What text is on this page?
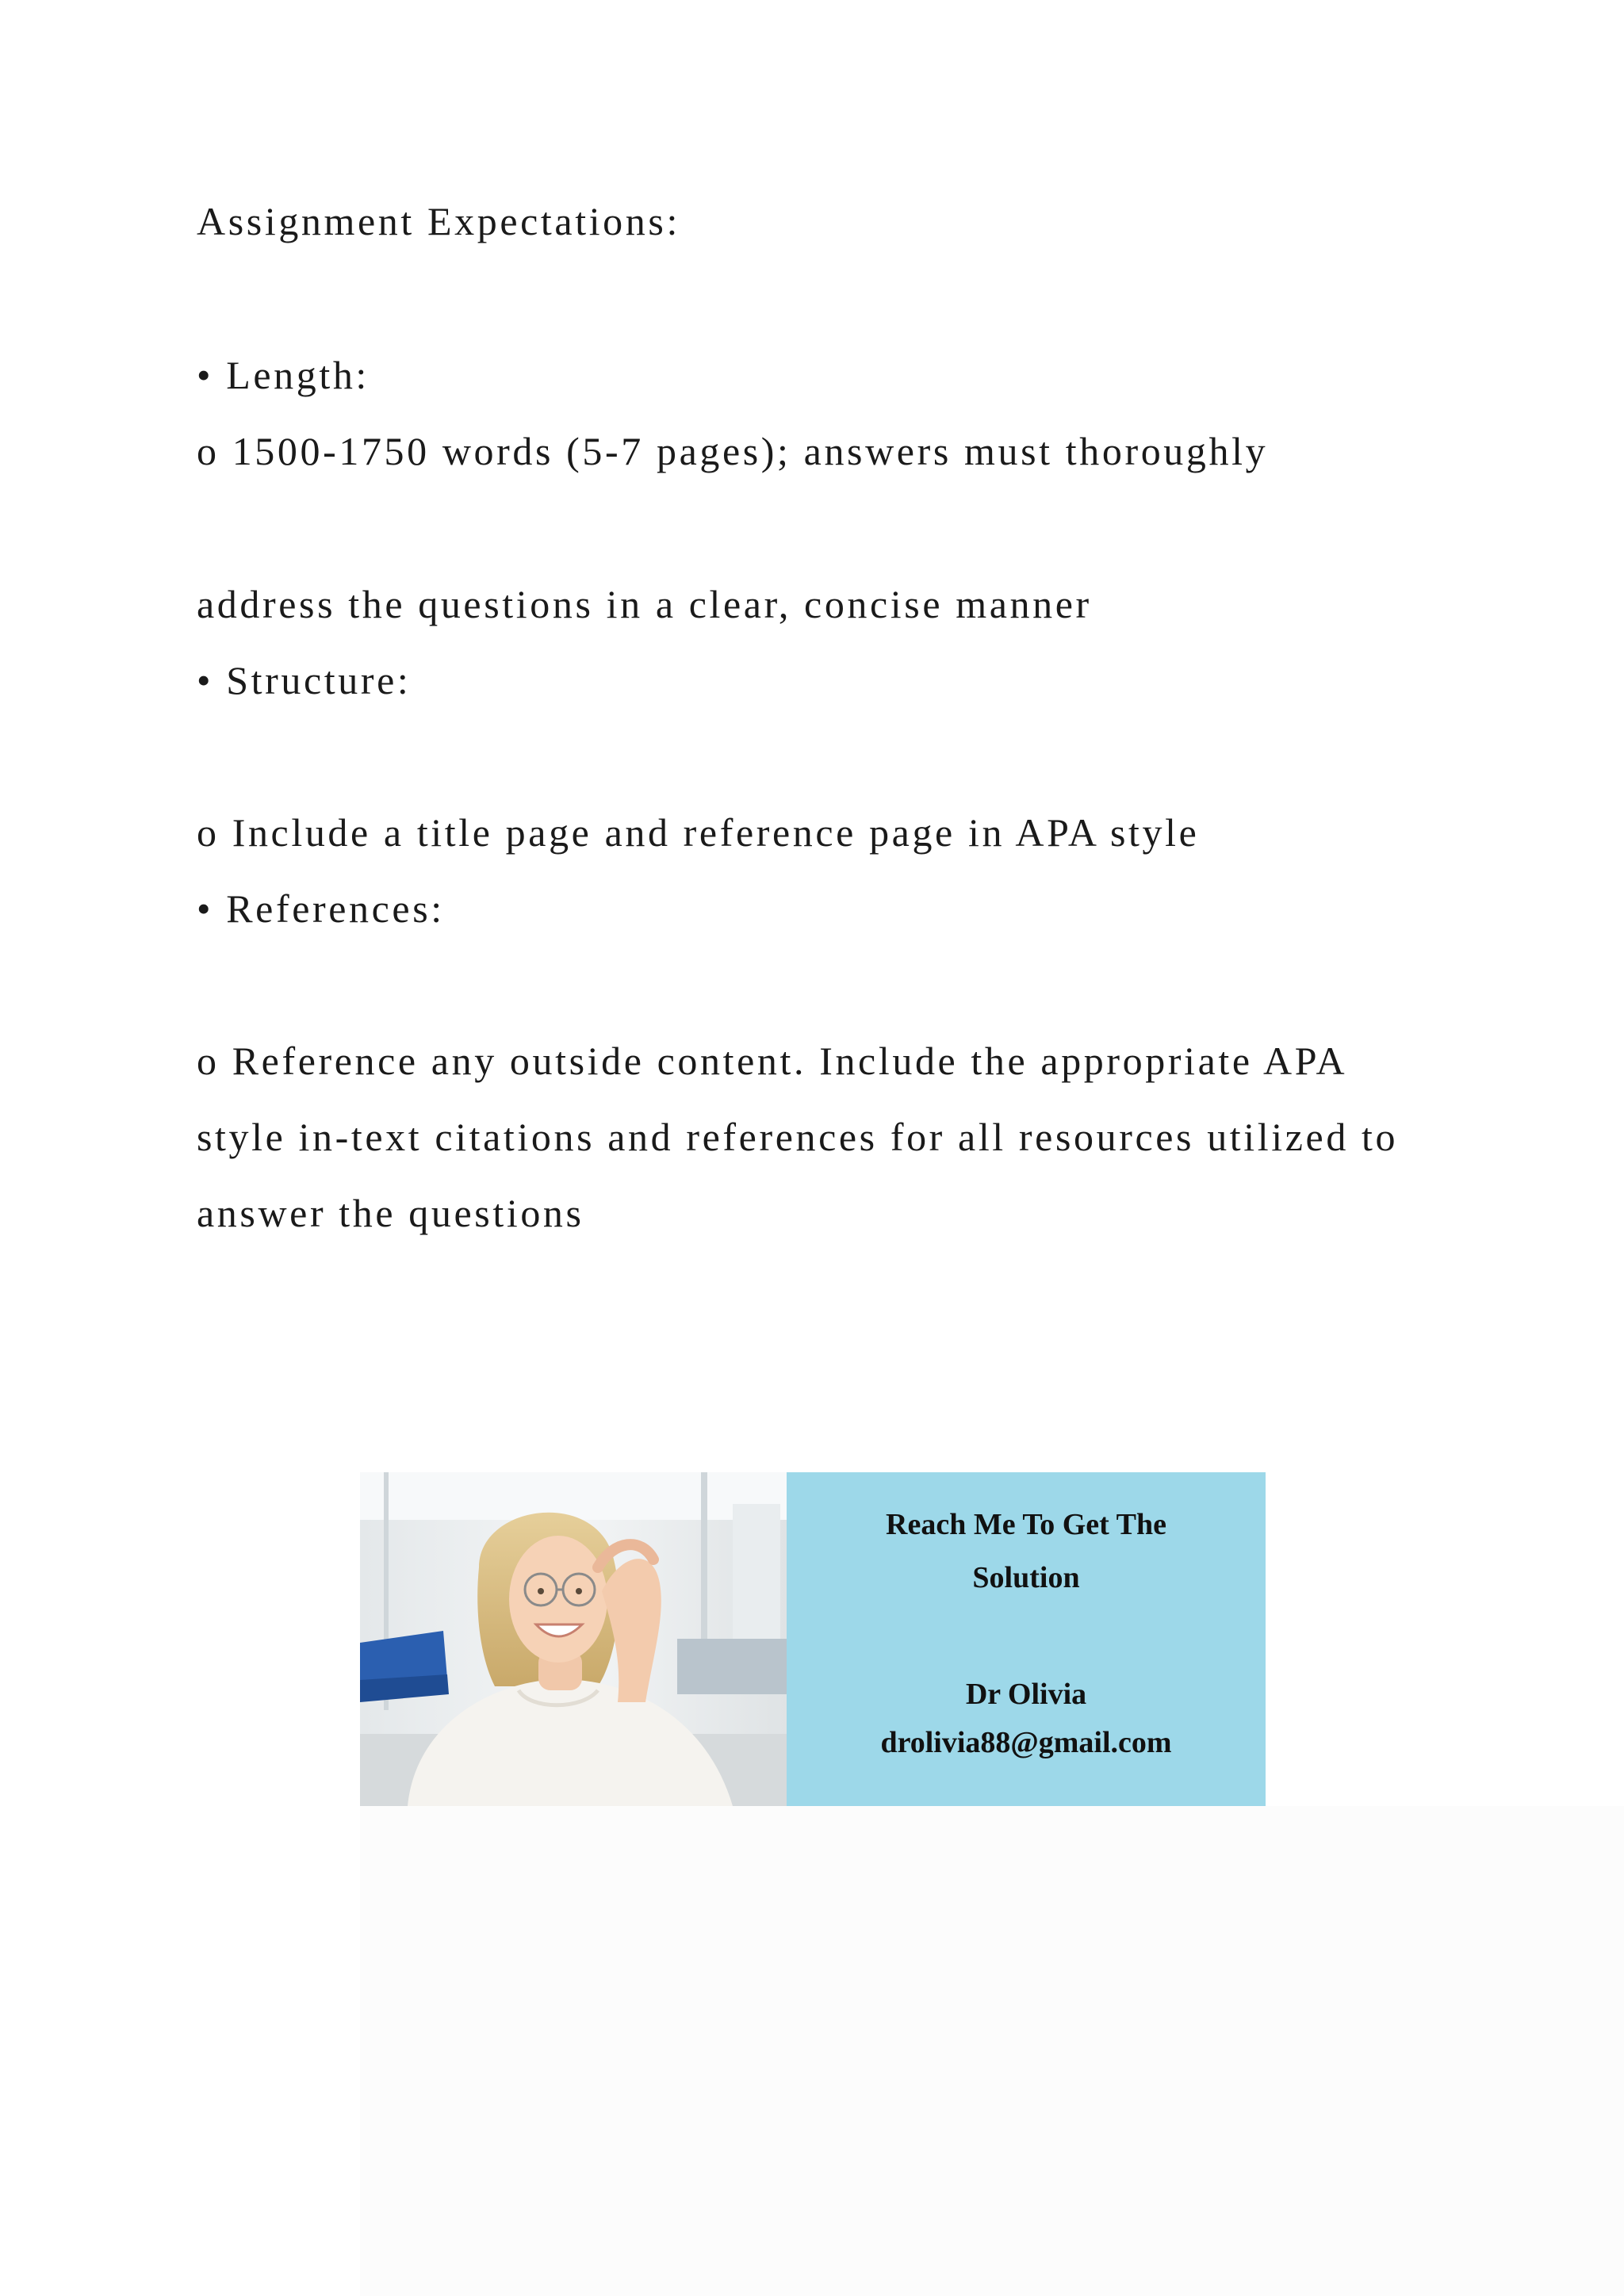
Assignment Expectations:
• Length:
o 1500-1750 words (5-7 pages); answers must thoroughly
address the questions in a clear, concise manner
• Structure:
o Include a title page and reference page in APA style
• References:
o Reference any outside content. Include the appropriate APA
style in-text citations and references for all resources utilized to
answer the questions
Reach Me To Get The
Solution
Dr Olivia
drolivia88@gmail.com
